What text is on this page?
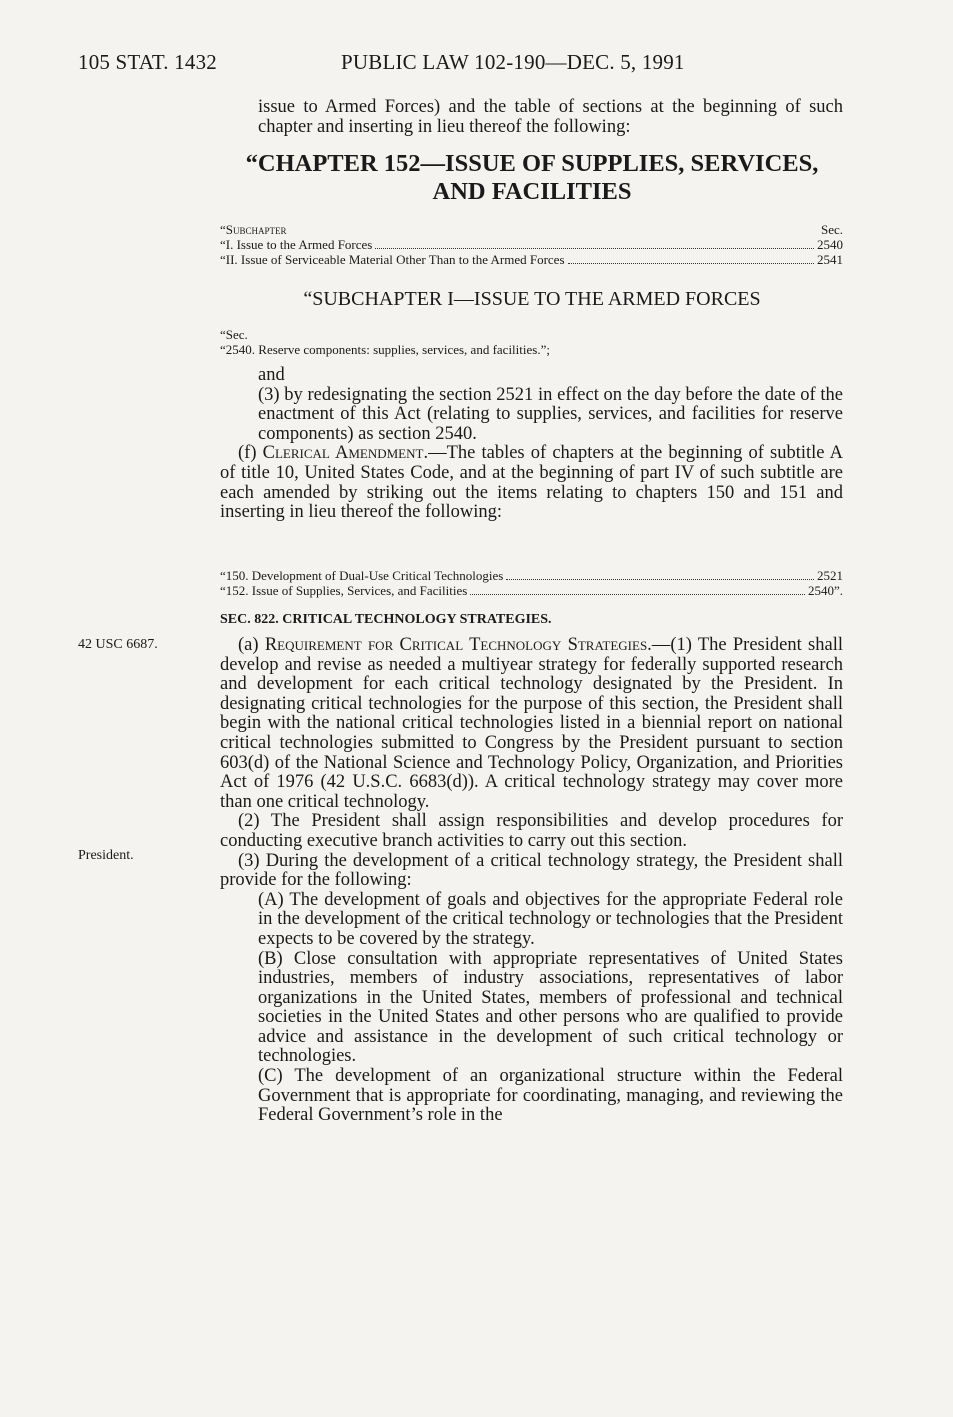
105 STAT. 1432	PUBLIC LAW 102-190—DEC. 5, 1991

issue to Armed Forces) and the table of sections at the beginning of such chapter and inserting in lieu thereof the following:

“CHAPTER 152—ISSUE OF SUPPLIES, SERVICES,
AND FACILITIES
“Subchapter	Sec.
“I. Issue to the Armed Forces	2540
“II. Issue of Serviceable Material Other Than to the Armed Forces	2541
“SUBCHAPTER I—ISSUE TO THE ARMED FORCES
“Sec.
“2540. Reserve components: supplies, services, and facilities.”;

and

(3) by redesignating the section 2521 in effect on the day before the date of the enactment of this Act (relating to supplies, services, and facilities for reserve components) as section 2540.

(f) Clerical Amendment.—The tables of chapters at the beginning of subtitle A of title 10, United States Code, and at the beginning of part IV of such subtitle are each amended by striking out the items relating to chapters 150 and 151 and inserting in lieu thereof the following:

“150. Development of Dual-Use Critical Technologies	2521
“152. Issue of Supplies, Services, and Facilities	2540”.
SEC. 822. CRITICAL TECHNOLOGY STRATEGIES.
42 USC 6687.
President.

(a) Requirement for Critical Technology Strategies.—(1) The President shall develop and revise as needed a multiyear strategy for federally supported research and development for each critical technology designated by the President. In designating critical technologies for the purpose of this section, the President shall begin with the national critical technologies listed in a biennial report on national critical technologies submitted to Congress by the President pursuant to section 603(d) of the National Science and Technology Policy, Organization, and Priorities Act of 1976 (42 U.S.C. 6683(d)). A critical technology strategy may cover more than one critical technology.

(2) The President shall assign responsibilities and develop procedures for conducting executive branch activities to carry out this section.

(3) During the development of a critical technology strategy, the President shall provide for the following:

(A) The development of goals and objectives for the appropriate Federal role in the development of the critical technology or technologies that the President expects to be covered by the strategy.

(B) Close consultation with appropriate representatives of United States industries, members of industry associations, representatives of labor organizations in the United States, members of professional and technical societies in the United States and other persons who are qualified to provide advice and assistance in the development of such critical technology or technologies.

(C) The development of an organizational structure within the Federal Government that is appropriate for coordinating, managing, and reviewing the Federal Government’s role in the
